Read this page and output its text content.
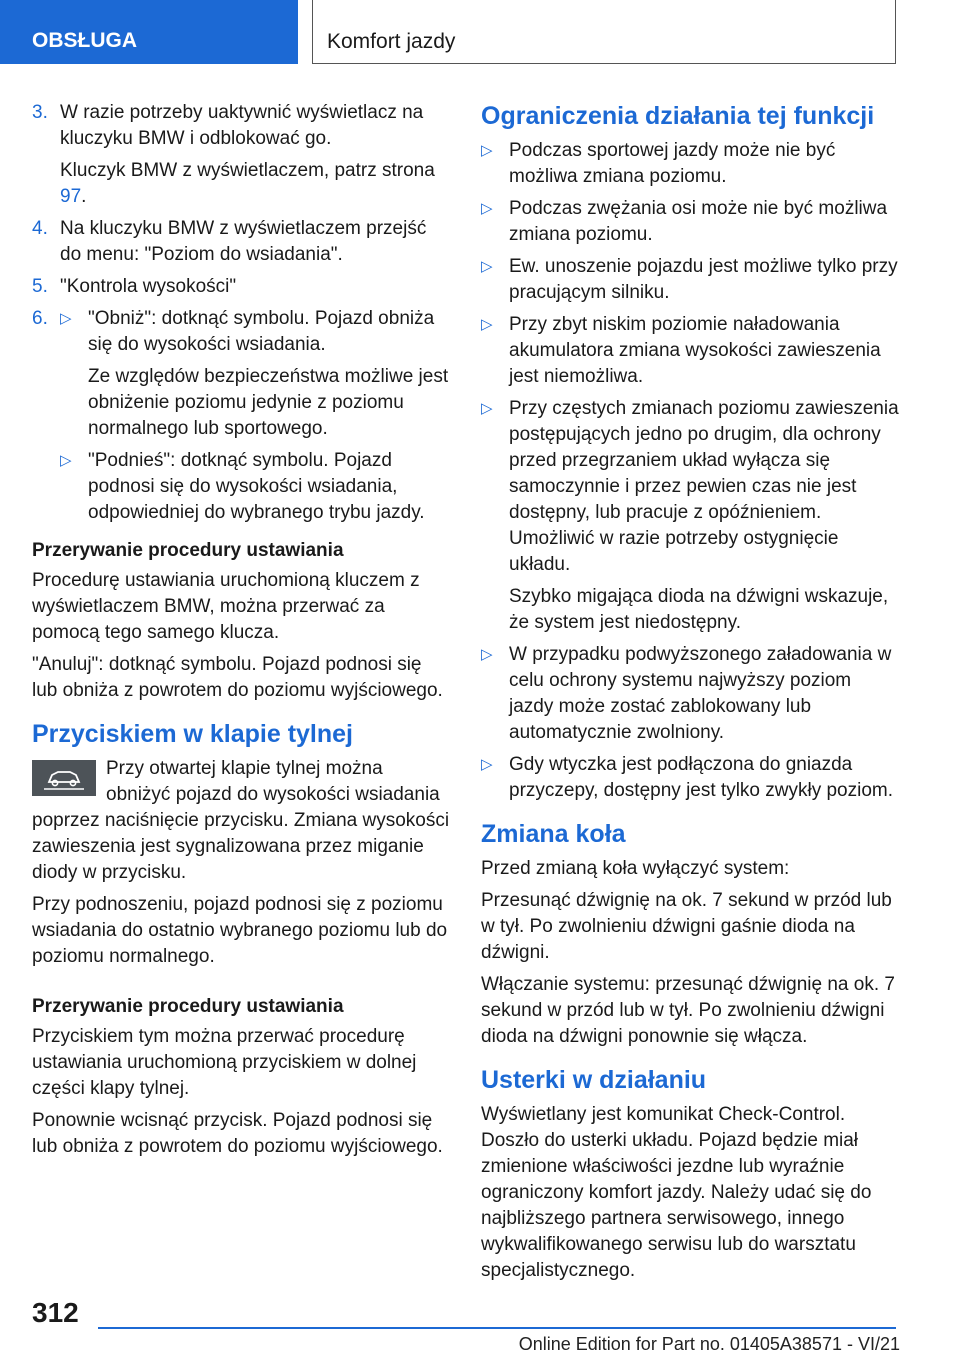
OBSŁUGA	Komfort jazdy
3. W razie potrzeby uaktywnić wyświetlacz na kluczyku BMW i odblokować go.

Kluczyk BMW z wyświetlaczem, patrz strona 97.

4. Na kluczyku BMW z wyświetlaczem przejść do menu: "Poziom do wsiadania".
5. "Kontrola wysokości"
6. ▷ "Obniż": dotknąć symbolu. Pojazd obniża się do wysokości wsiadania.

Ze względów bezpieczeństwa możliwe jest obniżenie poziomu jedynie z poziomu normalnego lub sportowego.

▷ "Podnieś": dotknąć symbolu. Pojazd podnosi się do wysokości wsiadania, odpowiedniej do wybranego trybu jazdy.
Przerywanie procedury ustawiania

Procedurę ustawiania uruchomioną kluczem z wyświetlaczem BMW, można przerwać za pomocą tego samego klucza.

"Anuluj": dotknąć symbolu. Pojazd podnosi się lub obniża z powrotem do poziomu wyjściowego.

Przyciskiem w klapie tylnej

Przy otwartej klapie tylnej można obniżyć pojazd do wysokości wsiadania poprzez naciśnięcie przycisku. Zmiana wysokości zawieszenia jest sygnalizowana przez miganie diody w przycisku.

Przy podnoszeniu, pojazd podnosi się z poziomu wsiadania do ostatnio wybranego poziomu lub do poziomu normalnego.

Przerywanie procedury ustawiania

Przyciskiem tym można przerwać procedurę ustawiania uruchomioną przyciskiem w dolnej części klapy tylnej.

Ponownie wcisnąć przycisk. Pojazd podnosi się lub obniża z powrotem do poziomu wyjściowego.

Ograniczenia działania tej funkcji
▷ Podczas sportowej jazdy może nie być możliwa zmiana poziomu.
▷ Podczas zwężania osi może nie być możliwa zmiana poziomu.
▷ Ew. unoszenie pojazdu jest możliwe tylko przy pracującym silniku.
▷ Przy zbyt niskim poziomie naładowania akumulatora zmiana wysokości zawieszenia jest niemożliwa.
▷ Przy częstych zmianach poziomu zawieszenia postępujących jedno po drugim, dla ochrony przed przegrzaniem układ wyłącza się samoczynnie i przez pewien czas nie jest dostępny, lub pracuje z opóźnieniem. Umożliwić w razie potrzeby ostygnięcie układu.

Szybko migająca dioda na dźwigni wskazuje, że system jest niedostępny.

▷ W przypadku podwyższonego załadowania w celu ochrony systemu najwyższy poziom jazdy może zostać zablokowany lub automatycznie zwolniony.
▷ Gdy wtyczka jest podłączona do gniazda przyczepy, dostępny jest tylko zwykły poziom.
Zmiana koła

Przed zmianą koła wyłączyć system:

Przesunąć dźwignię na ok. 7 sekund w przód lub w tył. Po zwolnieniu dźwigni gaśnie dioda na dźwigni.

Włączanie systemu: przesunąć dźwignię na ok. 7 sekund w przód lub w tył. Po zwolnieniu dźwigni dioda na dźwigni ponownie się włącza.

Usterki w działaniu

Wyświetlany jest komunikat Check-Control. Doszło do usterki układu. Pojazd będzie miał zmienione właściwości jezdne lub wyraźnie ograniczony komfort jazdy. Należy udać się do najbliższego partnera serwisowego, innego wykwalifikowanego serwisu lub do warsztatu specjalistycznego.

312
Online Edition for Part no. 01405A38571 - VI/21
